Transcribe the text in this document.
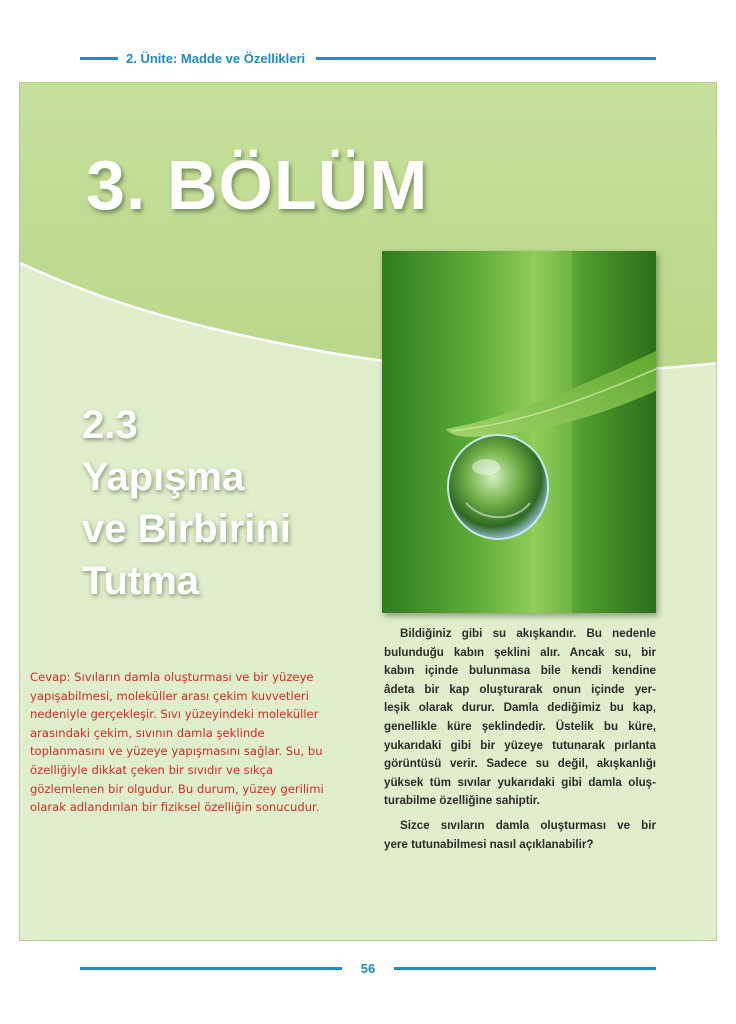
2. Ünite: Madde ve Özellikleri
3. BÖLÜM
2.3
Yapışma
ve Birbirini
Tutma
Cevap: Sıvıların damla oluşturması ve bir yüzeye
yapışabilmesi, moleküller arası çekim kuvvetleri
nedeniyle gerçekleşir. Sıvı yüzeyindeki moleküller
arasındaki çekim, sıvının damla şeklinde
toplanmasını ve yüzeye yapışmasını sağlar. Su, bu
özelliğiyle dikkat çeken bir sıvıdır ve sıkça
gözlemlenen bir olgudur. Bu durum, yüzey gerilimi
olarak adlandırılan bir fiziksel özelliğin sonucudur.
Bildiğiniz gibi su akışkandır. Bu nedenle
bulunduğu kabın şeklini alır. Ancak su, bir
kabın içinde bulunmasa bile kendi kendine
âdeta bir kap oluşturarak onun içinde yer-
leşik olarak durur. Damla dediğimiz bu kap,
genellikle küre şeklindedir. Üstelik bu küre,
yukarıdaki gibi bir yüzeye tutunarak pırlanta
görüntüsü verir. Sadece su değil, akışkanlığı
yüksek tüm sıvılar yukarıdaki gibi damla oluş-
turabilme özelliğine sahiptir.
Sizce sıvıların damla oluşturması ve bir
yere tutunabilmesi nasıl açıklanabilir?
56
